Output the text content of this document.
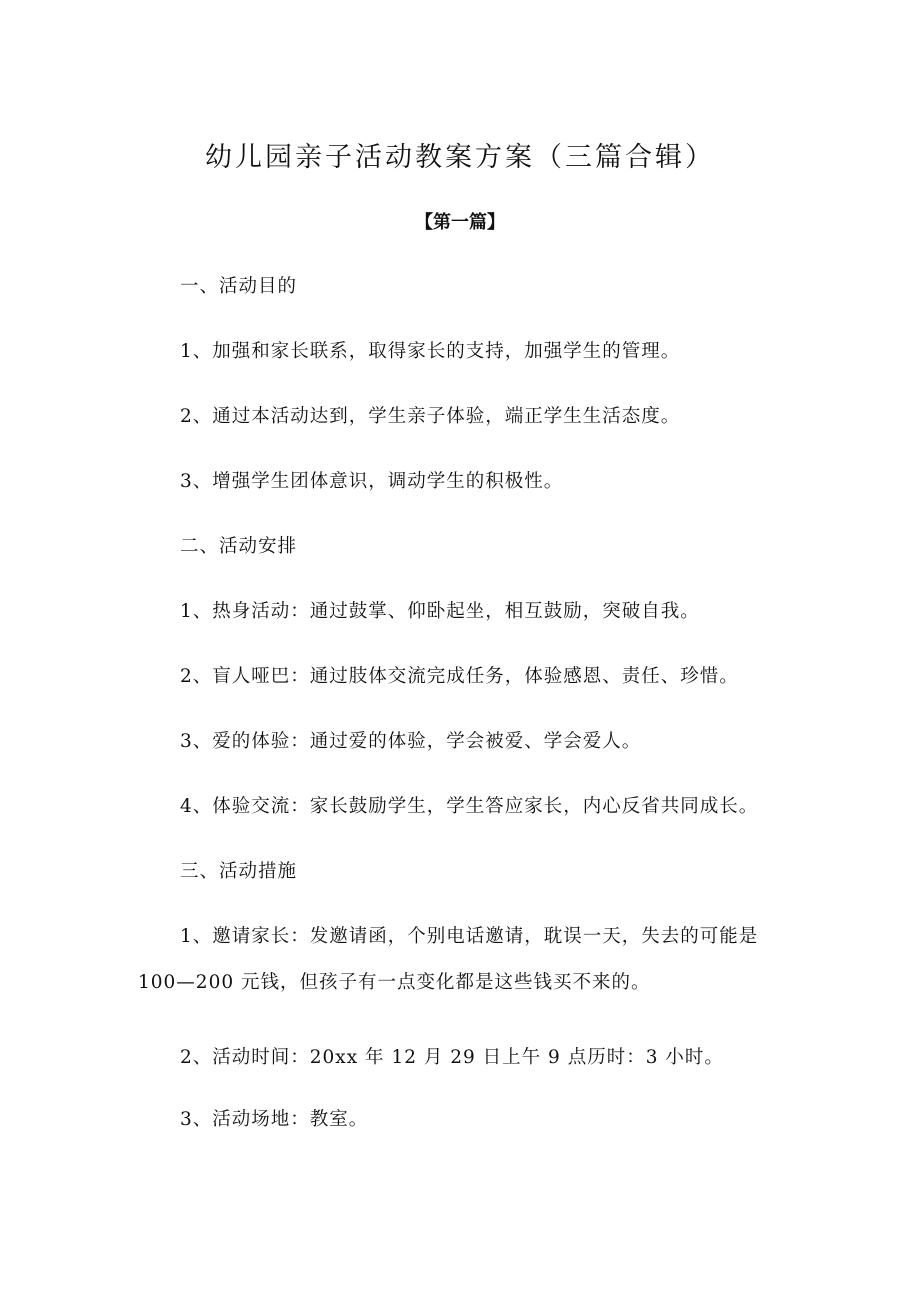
幼儿园亲子活动教案方案（三篇合辑）
【第一篇】
一、活动目的
1、加强和家长联系，取得家长的支持，加强学生的管理。
2、通过本活动达到，学生亲子体验，端正学生生活态度。
3、增强学生团体意识，调动学生的积极性。
二、活动安排
1、热身活动：通过鼓掌、仰卧起坐，相互鼓励，突破自我。
2、盲人哑巴：通过肢体交流完成任务，体验感恩、责任、珍惜。
3、爱的体验：通过爱的体验，学会被爱、学会爱人。
4、体验交流：家长鼓励学生，学生答应家长，内心反省共同成长。
三、活动措施
1、邀请家长：发邀请函，个别电话邀请，耽误一天，失去的可能是
100—200 元钱，但孩子有一点变化都是这些钱买不来的。
2、活动时间：20xx 年 12 月 29 日上午 9 点历时：3 小时。
3、活动场地：教室。
